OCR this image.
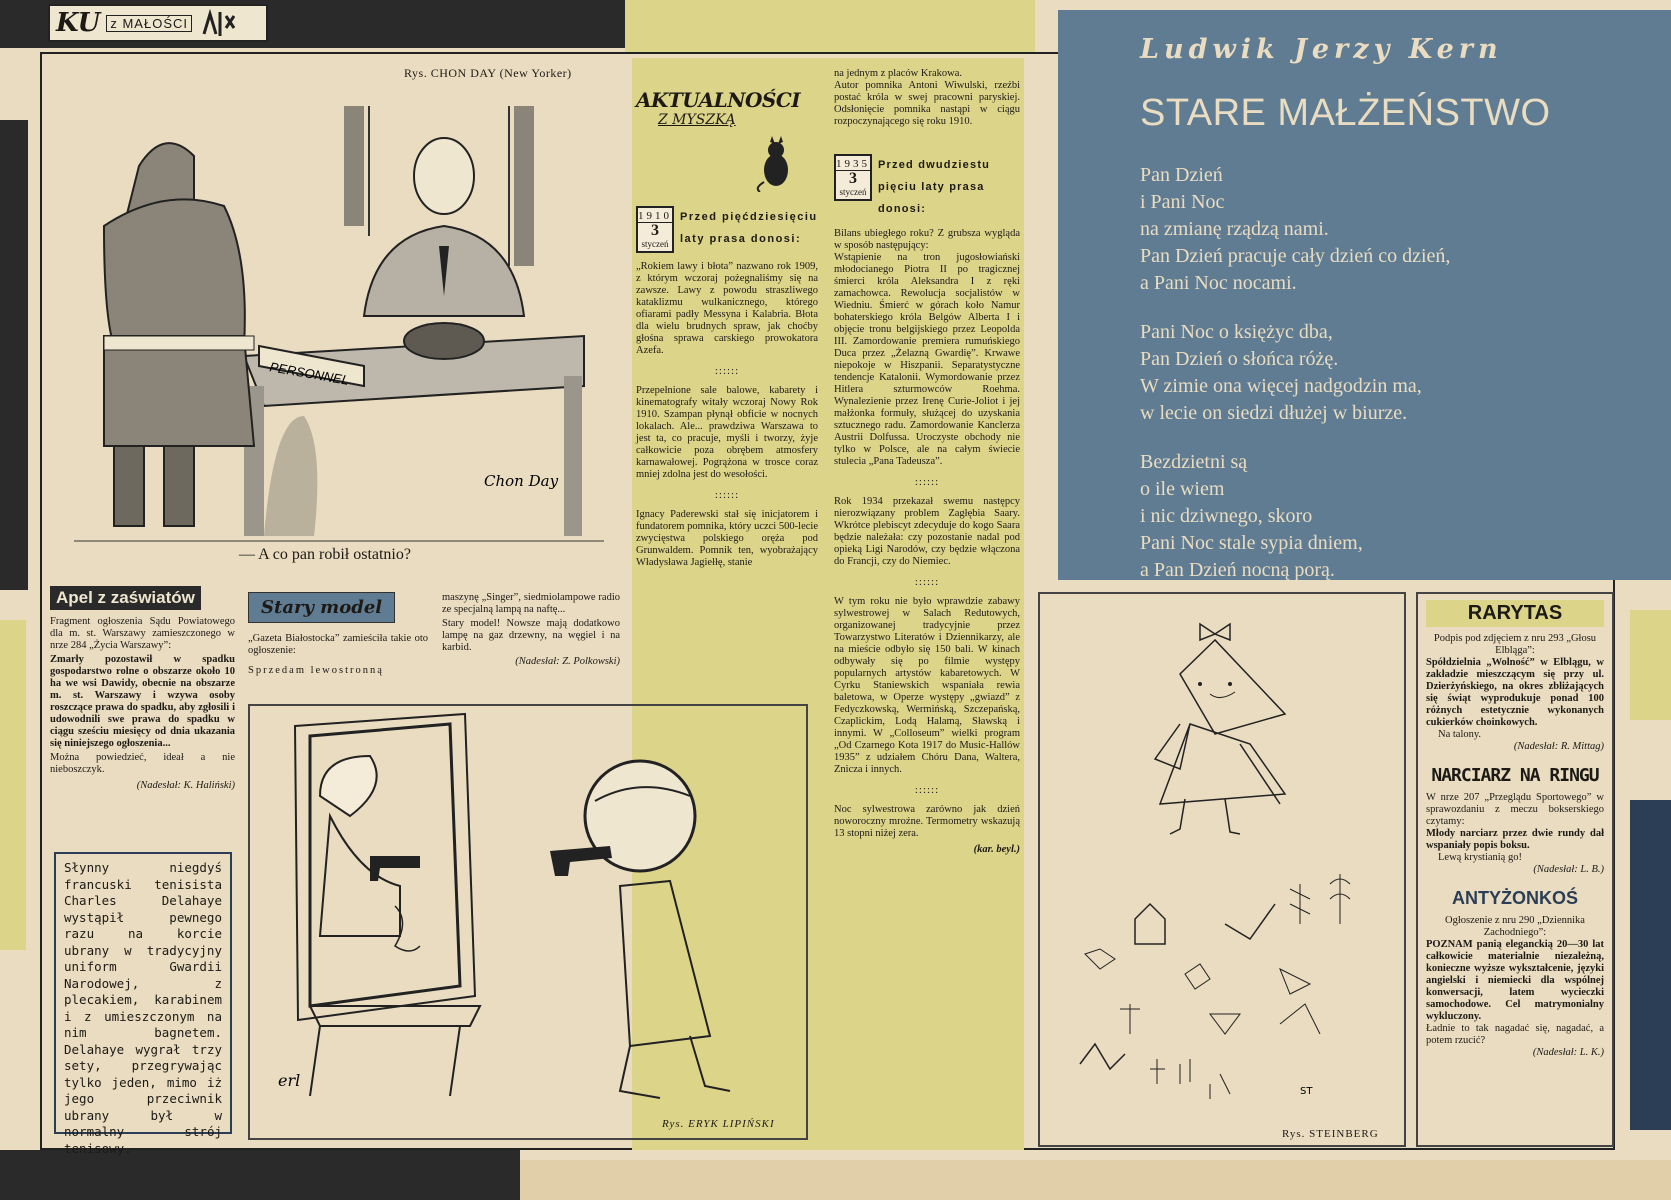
KU z MAŁOŚCI
Rys. CHON DAY (New Yorker)
PERSONNEL
Chon Day
— A co pan robił ostatnio?
AKTUALNOŚCI
Z MYSZKĄ
1910
3
styczeń
Przed pięćdziesięciu laty prasa donosi:

„Rokiem lawy i błota” nazwano rok 1909, z którym wczoraj pożegnaliśmy się na zawsze. Lawy z powodu straszliwego kataklizmu wulkanicznego, którego ofiarami padły Messyna i Kalabria. Błota dla wielu brudnych spraw, jak choćby głośna sprawa carskiego prowokatora Azefa.

::::::

Przepełnione sale balowe, kabarety i kinematografy witały wczoraj Nowy Rok 1910. Szampan płynął obficie w nocnych lokalach. Ale... prawdziwa Warszawa to jest ta, co pracuje, myśli i tworzy, żyje całkowicie poza obrębem atmosfery karnawałowej. Pogrążona w trosce coraz mniej zdolna jest do wesołości.

::::::

Ignacy Paderewski stał się inicjatorem i fundatorem pomnika, który uczci 500-lecie zwycięstwa polskiego oręża pod Grunwaldem. Pomnik ten, wyobrażający Władysława Jagiełłę, stanie

na jednym z placów Krakowa.
Autor pomnika Antoni Wiwulski, rzeźbi postać króla w swej pracowni paryskiej. Odsłonięcie pomnika nastąpi w ciągu rozpoczynającego się roku 1910.

1935
3
styczeń
Przed dwudziestu pięciu laty prasa donosi:

Bilans ubiegłego roku? Z grubsza wygląda w sposób następujący:
Wstąpienie na tron jugosłowiański młodocianego Piotra II po tragicznej śmierci króla Aleksandra I z ręki zamachowca. Rewolucja socjalistów w Wiedniu. Śmierć w górach koło Namur bohaterskiego króla Belgów Alberta I i objęcie tronu belgijskiego przez Leopolda III. Zamordowanie premiera rumuńskiego Duca przez „Żelazną Gwardię”. Krwawe niepokoje w Hiszpanii. Separatystyczne tendencje Katalonii. Wymordowanie przez Hitlera szturmowców Roehma. Wynalezienie przez Irenę Curie-Joliot i jej małżonka formuły, służącej do uzyskania sztucznego radu. Zamordowanie Kanclerza Austrii Dolfussa. Uroczyste obchody nie tylko w Polsce, ale na całym świecie stulecia „Pana Tadeusza”.

::::::

Rok 1934 przekazał swemu następcy nierozwiązany problem Zagłębia Saary. Wkrótce plebiscyt zdecyduje do kogo Saara będzie należała: czy pozostanie nadal pod opieką Ligi Narodów, czy będzie włączona do Francji, czy do Niemiec.

::::::

W tym roku nie było wprawdzie zabawy sylwestrowej w Salach Redutowych, organizowanej tradycyjnie przez Towarzystwo Literatów i Dziennikarzy, ale na mieście odbyło się 150 bali. W kinach odbywały się po filmie występy popularnych artystów kabaretowych. W Cyrku Staniewskich wspaniała rewia baletowa, w Operze występy „gwiazd” z Fedyczkowską, Wermińską, Szczepańską, Czaplickim, Lodą Halamą, Sławską i innymi. W „Colloseum” wielki program „Od Czarnego Kota 1917 do Music-Hallów 1935” z udziałem Chóru Dana, Waltera, Znicza i innych.

::::::

Noc sylwestrowa zarówno jak dzień noworoczny mroźne. Termometry wskazują 13 stopni niżej zera.

(kar. beyl.)
Ludwik Jerzy Kern
STARE MAŁŻEŃSTWO

Pan Dzień
i Pani Noc
na zmianę rządzą nami.
Pan Dzień pracuje cały dzień co dzień,
a Pani Noc nocami.

Pani Noc o księżyc dba,
Pan Dzień o słońca różę.
W zimie ona więcej nadgodzin ma,
w lecie on siedzi dłużej w biurze.

Bezdzietni są
o ile wiem
i nic dziwnego, skoro
Pani Noc stale sypia dniem,
a Pan Dzień nocną porą.

Apel z zaświatów

Fragment ogłoszenia Sądu Powiatowego dla m. st. Warszawy zamieszczonego w nrze 284 „Życia Warszawy”:

Zmarły pozostawił w spadku gospodarstwo rolne o obszarze około 10 ha we wsi Dawidy, obecnie na obszarze m. st. Warszawy i wzywa osoby roszczące prawa do spadku, aby zgłosili i udowodnili swe prawa do spadku w ciągu sześciu miesięcy od dnia ukazania się niniejszego ogłoszenia...

Można powiedzieć, ideał a nie nieboszczyk.

(Nadesłał: K. Haliński)
Stary model

„Gazeta Białostocka” zamieściła takie oto ogłoszenie:

Sprzedam lewostronną

maszynę „Singer”, siedmiolampowe radio ze specjalną lampą na naftę...

Stary model! Nowsze mają dodatkowo lampę na gaz drzewny, na węgiel i na karbid.

(Nadesłał: Z. Polkowski)

Słynny niegdyś francuski tenisista Charles Delahaye wystąpił pewnego razu na korcie ubrany w tradycyjny uniform Gwardii Narodowej, z plecakiem, karabinem i z umieszczonym na nim bagnetem. Delahaye wygrał trzy sety, przegrywając tylko jeden, mimo iż jego przeciwnik ubrany był w normalny strój tenisowy.

erl
Rys. ERYK LIPIŃSKI
ST
Rys. STEINBERG
RARYTAS

Podpis pod zdjęciem z nru 293 „Głosu Elbląga”:

Spółdzielnia „Wolność” w Elblągu, w zakładzie mieszczącym się przy ul. Dzierżyńskiego, na okres zbliżających się świąt wyprodukuje ponad 100 różnych estetycznie wykonanych cukierków choinkowych.

Na talony.

(Nadesłał: R. Mittag)
NARCIARZ NA RINGU

W nrze 207 „Przeglądu Sportowego” w sprawozdaniu z meczu bokserskiego czytamy:

Młody narciarz przez dwie rundy dał wspaniały popis boksu.

Lewą krystianią go!

(Nadesłał: L. B.)
ANTYŻONKOŚ

Ogłoszenie z nru 290 „Dziennika Zachodniego”:

POZNAM panią eleganckią 20—30 lat całkowicie materialnie niezależną, konieczne wyższe wykształcenie, języki angielski i niemiecki dla wspólnej konwersacji, latem wycieczki samochodowe. Cel matrymonialny wykluczony.

Ładnie to tak nagadać się, nagadać, a potem rzucić?

(Nadesłał: L. K.)
